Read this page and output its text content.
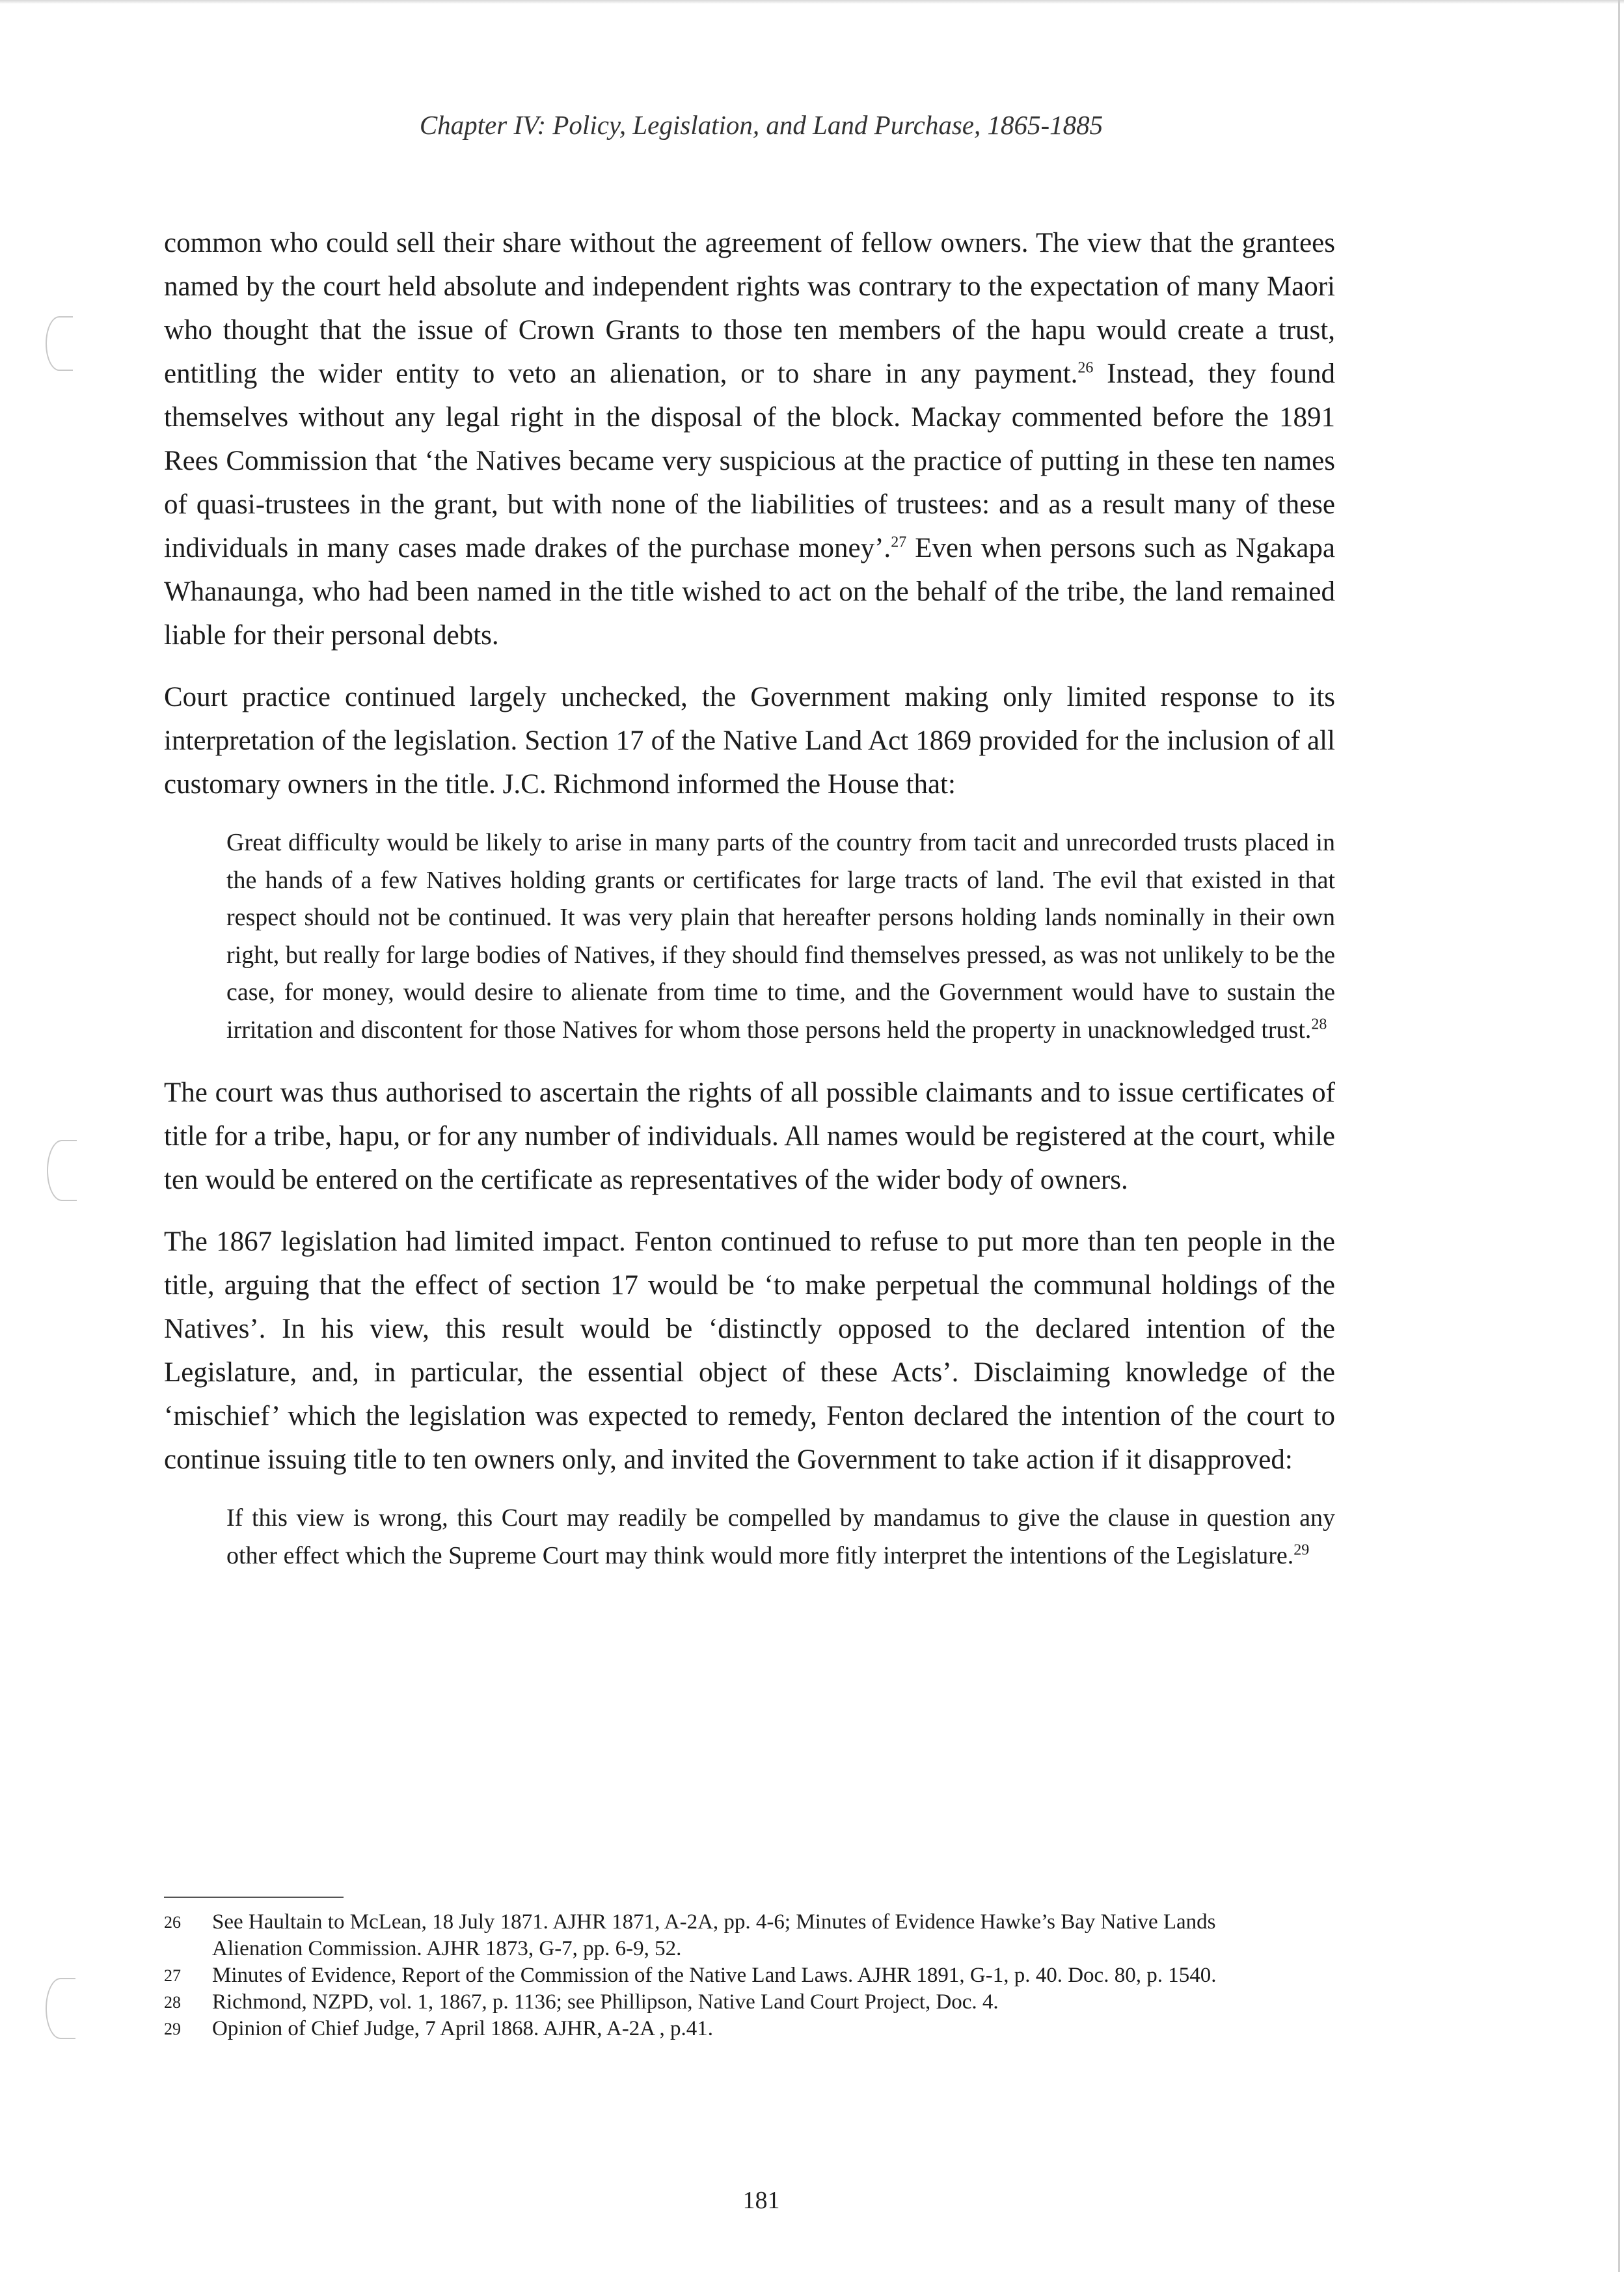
Chapter IV: Policy, Legislation, and Land Purchase, 1865-1885

common who could sell their share without the agreement of fellow owners. The view that the grantees named by the court held absolute and independent rights was contrary to the expectation of many Maori who thought that the issue of Crown Grants to those ten members of the hapu would create a trust, entitling the wider entity to veto an alienation, or to share in any payment.$^{26}$ Instead, they found themselves without any legal right in the disposal of the block. Mackay commented before the 1891 Rees Commission that ‘the Natives became very suspicious at the practice of putting in these ten names of quasi-trustees in the grant, but with none of the liabilities of trustees: and as a result many of these individuals in many cases made drakes of the purchase money’.$^{27}$ Even when persons such as Ngakapa Whanaunga, who had been named in the title wished to act on the behalf of the tribe, the land remained liable for their personal debts.

Court practice continued largely unchecked, the Government making only limited response to its interpretation of the legislation. Section 17 of the Native Land Act 1869 provided for the inclusion of all customary owners in the title. J.C. Richmond informed the House that:

Great difficulty would be likely to arise in many parts of the country from tacit and unrecorded trusts placed in the hands of a few Natives holding grants or certificates for large tracts of land. The evil that existed in that respect should not be continued. It was very plain that hereafter persons holding lands nominally in their own right, but really for large bodies of Natives, if they should find themselves pressed, as was not unlikely to be the case, for money, would desire to alienate from time to time, and the Government would have to sustain the irritation and discontent for those Natives for whom those persons held the property in unacknowledged trust.$^{28}$

The court was thus authorised to ascertain the rights of all possible claimants and to issue certificates of title for a tribe, hapu, or for any number of individuals. All names would be registered at the court, while ten would be entered on the certificate as representatives of the wider body of owners.

The 1867 legislation had limited impact. Fenton continued to refuse to put more than ten people in the title, arguing that the effect of section 17 would be ‘to make perpetual the communal holdings of the Natives’. In his view, this result would be ‘distinctly opposed to the declared intention of the Legislature, and, in particular, the essential object of these Acts’. Disclaiming knowledge of the ‘mischief’ which the legislation was expected to remedy, Fenton declared the intention of the court to continue issuing title to ten owners only, and invited the Government to take action if it disapproved:

If this view is wrong, this Court may readily be compelled by mandamus to give the clause in question any other effect which the Supreme Court may think would more fitly interpret the intentions of the Legislature.$^{29}$

26 See Haultain to McLean, 18 July 1871. AJHR 1871, A-2A, pp. 4-6; Minutes of Evidence Hawke’s Bay Native Lands Alienation Commission. AJHR 1873, G-7, pp. 6-9, 52.
27 Minutes of Evidence, Report of the Commission of the Native Land Laws. AJHR 1891, G-1, p. 40. Doc. 80, p. 1540.
28 Richmond, NZPD, vol. 1, 1867, p. 1136; see Phillipson, Native Land Court Project, Doc. 4.
29 Opinion of Chief Judge, 7 April 1868. AJHR, A-2A , p.41.
181
